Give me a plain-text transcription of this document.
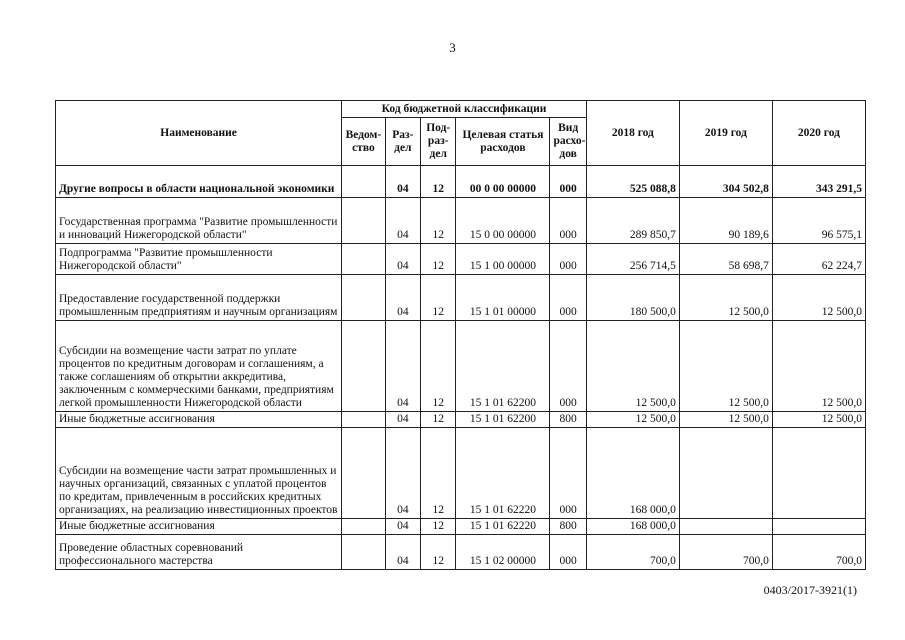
3
Наименование	Код бюджетной классификации					2018 год	2019 год	2020 год
	Ведом-ство	Раз-дел	Под-раз-дел	Целевая статья расходов	Вид расхо-дов			
Другие вопросы в области национальной экономики		04	12	00 0 00 00000	000	525 088,8	304 502,8	343 291,5
Государственная программа "Развитие промышленности и инноваций Нижегородской области"		04	12	15 0 00 00000	000	289 850,7	90 189,6	96 575,1
Подпрограмма "Развитие промышленности Нижегородской области"		04	12	15 1 00 00000	000	256 714,5	58 698,7	62 224,7
Предоставление государственной поддержки промышленным предприятиям и научным организациям		04	12	15 1 01 00000	000	180 500,0	12 500,0	12 500,0
Субсидии на возмещение части затрат по уплате процентов по кредитным договорам и соглашениям, а также соглашениям об открытии аккредитива, заключенным с коммерческими банками, предприятиям легкой промышленности Нижегородской области		04	12	15 1 01 62200	000	12 500,0	12 500,0	12 500,0
Иные бюджетные ассигнования		04	12	15 1 01 62200	800	12 500,0	12 500,0	12 500,0
Субсидии на возмещение части затрат промышленных и научных организаций, связанных с уплатой процентов по кредитам, привлеченным в российских кредитных организациях, на реализацию инвестиционных проектов		04	12	15 1 01 62220	000	168 000,0		
Иные бюджетные ассигнования		04	12	15 1 01 62220	800	168 000,0		
Проведение областных соревнований профессионального мастерства		04	12	15 1 02 00000	000	700,0	700,0	700,0
0403/2017-3921(1)
